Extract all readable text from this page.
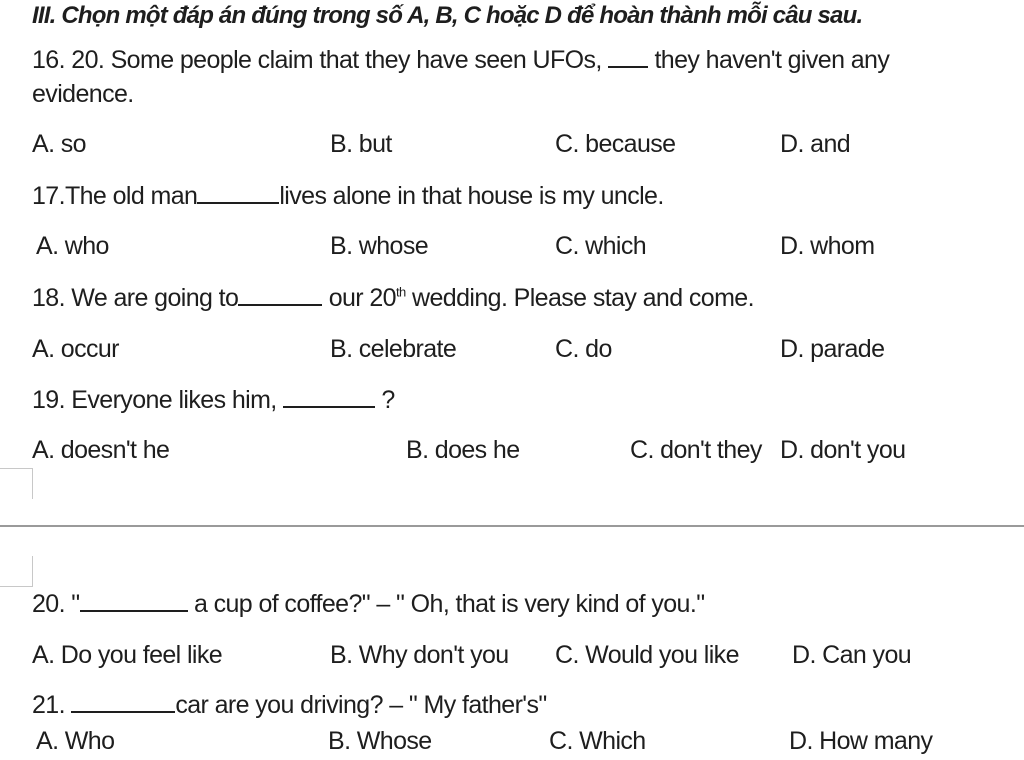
III. Chọn một đáp án đúng trong số A, B, C hoặc D để hoàn thành mỗi câu sau.
16. 20. Some people claim that they have seen UFOs, they haven't given any
evidence.
A. so	B. but	C. because	D. and
17.The old man	lives alone in that house is my uncle.
A. who	B. whose	C. which	D. whom
18. We are going to	our 20th wedding. Please stay and come.
A. occur	B. celebrate	C. do	D. parade
19. Everyone likes him,	?
A. doesn't he	B. does he	C. don't they D. don't you
20. "	a cup of coffee?" – " Oh, that is very kind of you."
A. Do you feel like	B. Why don't you C. Would you like D. Can you
21.	car are you driving? – " My father's"
A. Who	B. Whose	C. Which	D. How many
